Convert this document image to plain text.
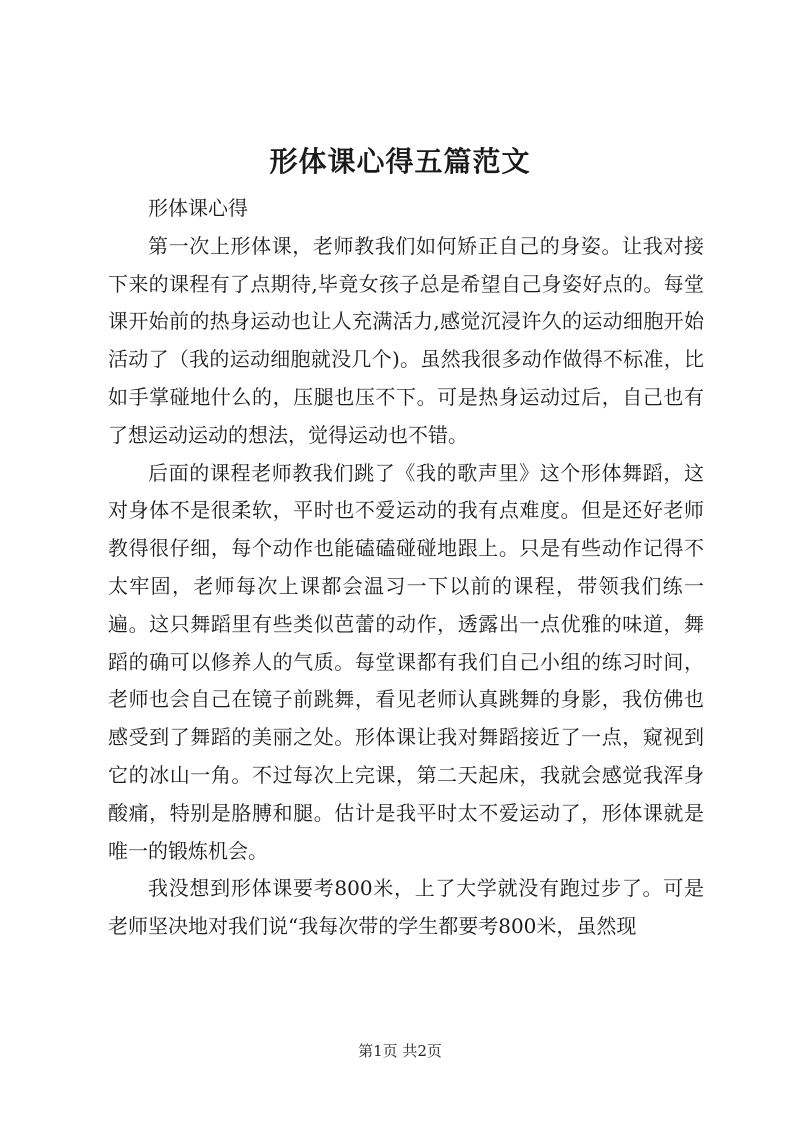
形体课心得五篇范文

形体课心得

第一次上形体课，老师教我们如何矫正自己的身姿。让我对接下来的课程有了点期待,毕竟女孩子总是希望自己身姿好点的。每堂课开始前的热身运动也让人充满活力,感觉沉浸许久的运动细胞开始活动了（我的运动细胞就没几个)。虽然我很多动作做得不标准，比如手掌碰地什么的，压腿也压不下。可是热身运动过后，自己也有了想运动运动的想法，觉得运动也不错。

后面的课程老师教我们跳了《我的歌声里》这个形体舞蹈，这对身体不是很柔软，平时也不爱运动的我有点难度。但是还好老师教得很仔细，每个动作也能磕磕碰碰地跟上。只是有些动作记得不太牢固，老师每次上课都会温习一下以前的课程，带领我们练一遍。这只舞蹈里有些类似芭蕾的动作，透露出一点优雅的味道，舞蹈的确可以修养人的气质。每堂课都有我们自己小组的练习时间，老师也会自己在镜子前跳舞，看见老师认真跳舞的身影，我仿佛也感受到了舞蹈的美丽之处。形体课让我对舞蹈接近了一点，窥视到它的冰山一角。不过每次上完课，第二天起床，我就会感觉我浑身酸痛，特别是胳膊和腿。估计是我平时太不爱运动了，形体课就是唯一的锻炼机会。

我没想到形体课要考800米，上了大学就没有跑过步了。可是老师坚决地对我们说“我每次带的学生都要考800米，虽然现

第1页 共2页
